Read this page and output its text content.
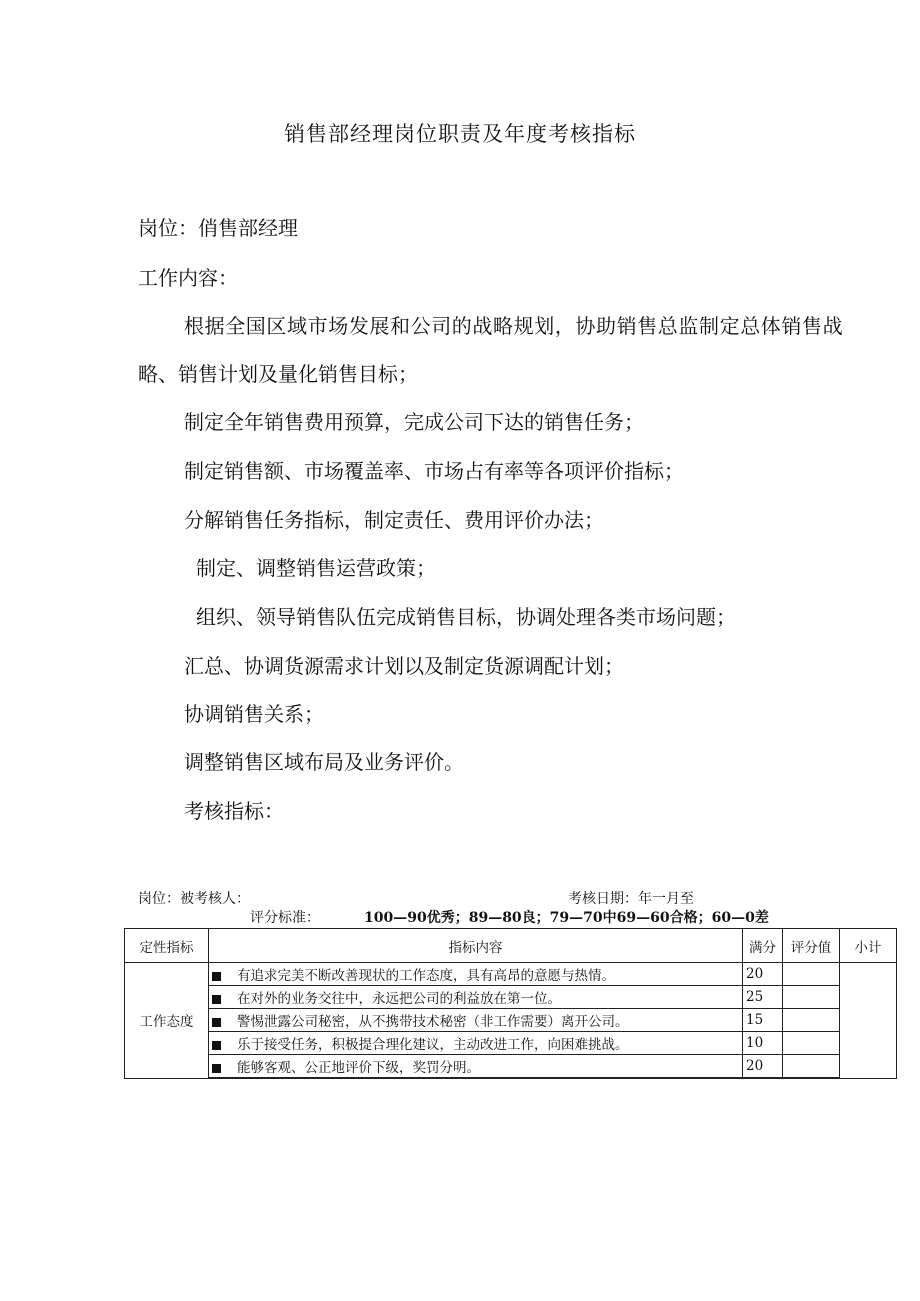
销售部经理岗位职责及年度考核指标
岗位：俏售部经理
工作内容：
根据全国区域市场发展和公司的战略规划，协助销售总监制定总体销售战
略、销售计划及量化销售目标；
制定全年销售费用预算，完成公司下达的销售任务；
制定销售额、市场覆盖率、市场占有率等各项评价指标；
分解销售任务指标，制定责任、费用评价办法；
制定、调整销售运营政策；
组织、领导销售队伍完成销售目标，协调处理各类市场问题；
汇总、协调货源需求计划以及制定货源调配计划；
协调销售关系；
调整销售区域布局及业务评价。
考核指标：
岗位：被考核人：	考核日期：年一月至
评分标准：	100—90优秀；89—80良；79—70中69—60合格；60—0差
定性指标	指标内容	满分	评分值	小计
工作态度	有追求完美不断改善现状的工作态度，具有高昂的意愿与热情。	20		
	在对外的业务交往中，永远把公司的利益放在第一位。	25		
	警惕泄露公司秘密，从不携带技术秘密（非工作需要）离开公司。	15		
	乐于接受任务，积极提合理化建议，主动改进工作，向困难挑战。	10		
	能够客观、公正地评价下级，奖罚分明。	20		
